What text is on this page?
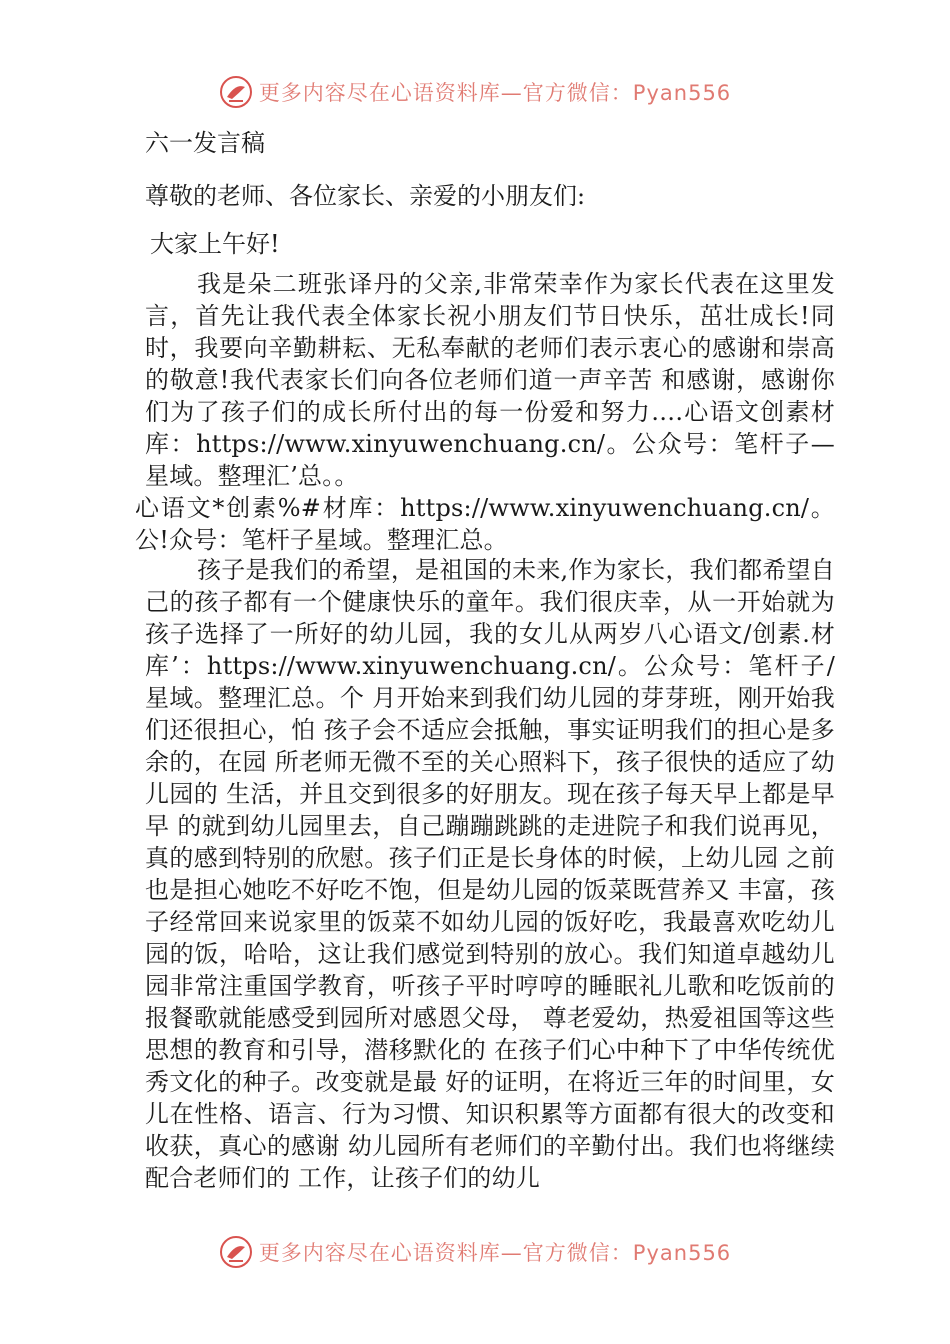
更多内容尽在心语资料库—官方微信：Pyan556
六一发言稿
尊敬的老师、各位家长、亲爱的小朋友们:
大家上午好!
我是朵二班张译丹的父亲,非常荣幸作为家长代表在这里发言，首先让我代表全体家长祝小朋友们节日快乐，茁壮成长!同时，我要向辛勤耕耘、无私奉献的老师们表示衷心的感谢和崇高的敬意!我代表家长们向各位老师们道一声辛苦 和感谢，感谢你们为了孩子们的成长所付出的每一份爱和努力….心语文创素材库：https://www.xinyuwenchuang.cn/。公众号：笔杆子—星域。整理汇’总。。
心语文*创素%#材库：https://www.xinyuwenchuang.cn/。公!众号：笔杆子星域。整理汇总。
孩子是我们的希望，是祖国的未来,作为家长，我们都希望自己的孩子都有一个健康快乐的童年。我们很庆幸，从一开始就为孩子选择了一所好的幼儿园，我的女儿从两岁八心语文/创素.材库’：https://www.xinyuwenchuang.cn/。公众号：笔杆子/星域。整理汇总。个 月开始来到我们幼儿园的芽芽班，刚开始我们还很担心，怕 孩子会不适应会抵触，事实证明我们的担心是多余的，在园 所老师无微不至的关心照料下，孩子很快的适应了幼儿园的 生活，并且交到很多的好朋友。现在孩子每天早上都是早早 的就到幼儿园里去，自己蹦蹦跳跳的走进院子和我们说再见， 真的感到特别的欣慰。孩子们正是长身体的时候，上幼儿园 之前也是担心她吃不好吃不饱，但是幼儿园的饭菜既营养又 丰富，孩子经常回来说家里的饭菜不如幼儿园的饭好吃，我最喜欢吃幼儿园的饭，哈哈，这让我们感觉到特别的放心。我们知道卓越幼儿园非常注重国学教育，听孩子平时哼哼的睡眠礼儿歌和吃饭前的报餐歌就能感受到园所对感恩父母， 尊老爱幼，热爱祖国等这些思想的教育和引导，潜移默化的 在孩子们心中种下了中华传统优秀文化的种子。改变就是最 好的证明，在将近三年的时间里，女儿在性格、语言、行为习惯、知识积累等方面都有很大的改变和收获，真心的感谢 幼儿园所有老师们的辛勤付出。我们也将继续配合老师们的 工作，让孩子们的幼儿
更多内容尽在心语资料库—官方微信：Pyan556
